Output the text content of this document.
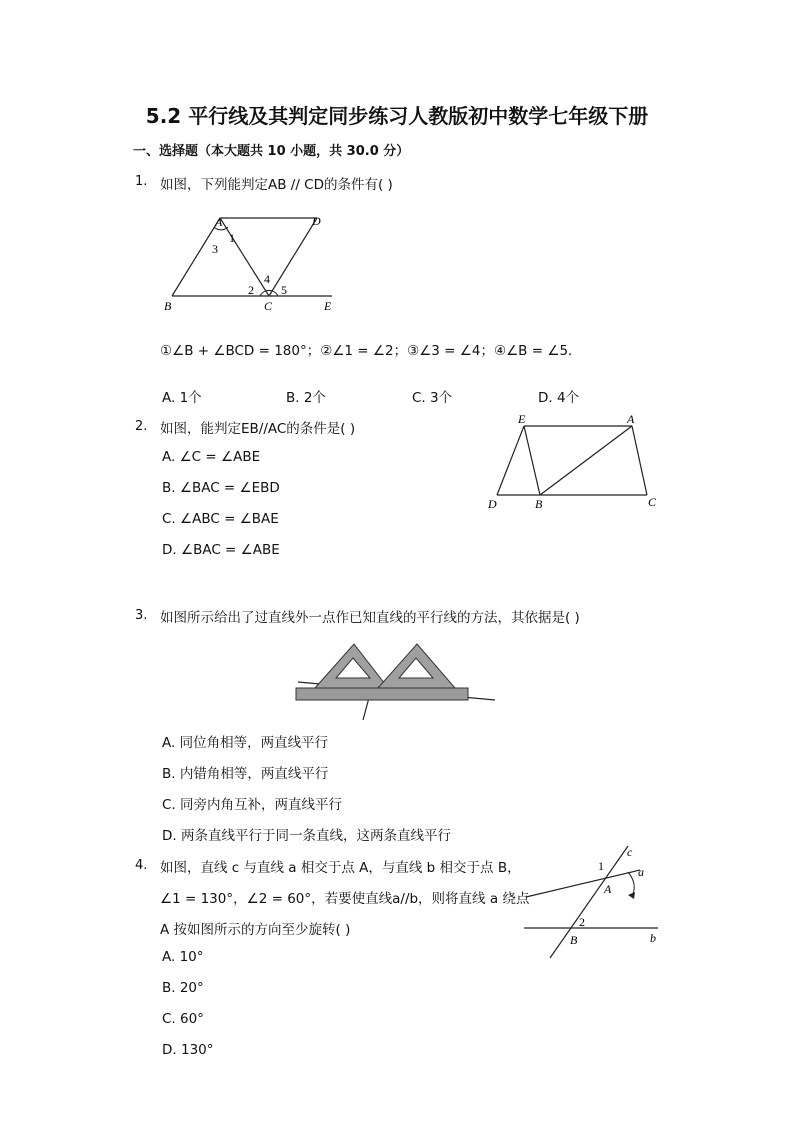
5.2 平行线及其判定同步练习人教版初中数学七年级下册
一、选择题（本大题共 10 小题，共 30.0 分）
1. 如图，下列能判定AB // CD的条件有( )
A	D
B	C	E
1
3
2
4
5
①∠B + ∠BCD = 180°；②∠1 = ∠2；③∠3 = ∠4；④∠B = ∠5．
A. 1个	B. 2个	C. 3个	D. 4个
2. 如图，能判定EB//AC的条件是( )
A. ∠C = ∠ABE
B. ∠BAC = ∠EBD
C. ∠ABC = ∠BAE
D. ∠BAC = ∠ABE
E	A
D	B	C
3. 如图所示给出了过直线外一点作已知直线的平行线的方法，其依据是( )
A. 同位角相等，两直线平行
B. 内错角相等，两直线平行
C. 同旁内角互补，两直线平行
D. 两条直线平行于同一条直线，这两条直线平行
4. 如图，直线 c 与直线 a 相交于点 A，与直线 b 相交于点 B，
∠1 = 130°，∠2 = 60°，若要使直线a//b，则将直线 a 绕点
A 按如图所示的方向至少旋转( )
A. 10°
B. 20°
C. 60°
D. 130°
c
a
b
A
B
1
2
